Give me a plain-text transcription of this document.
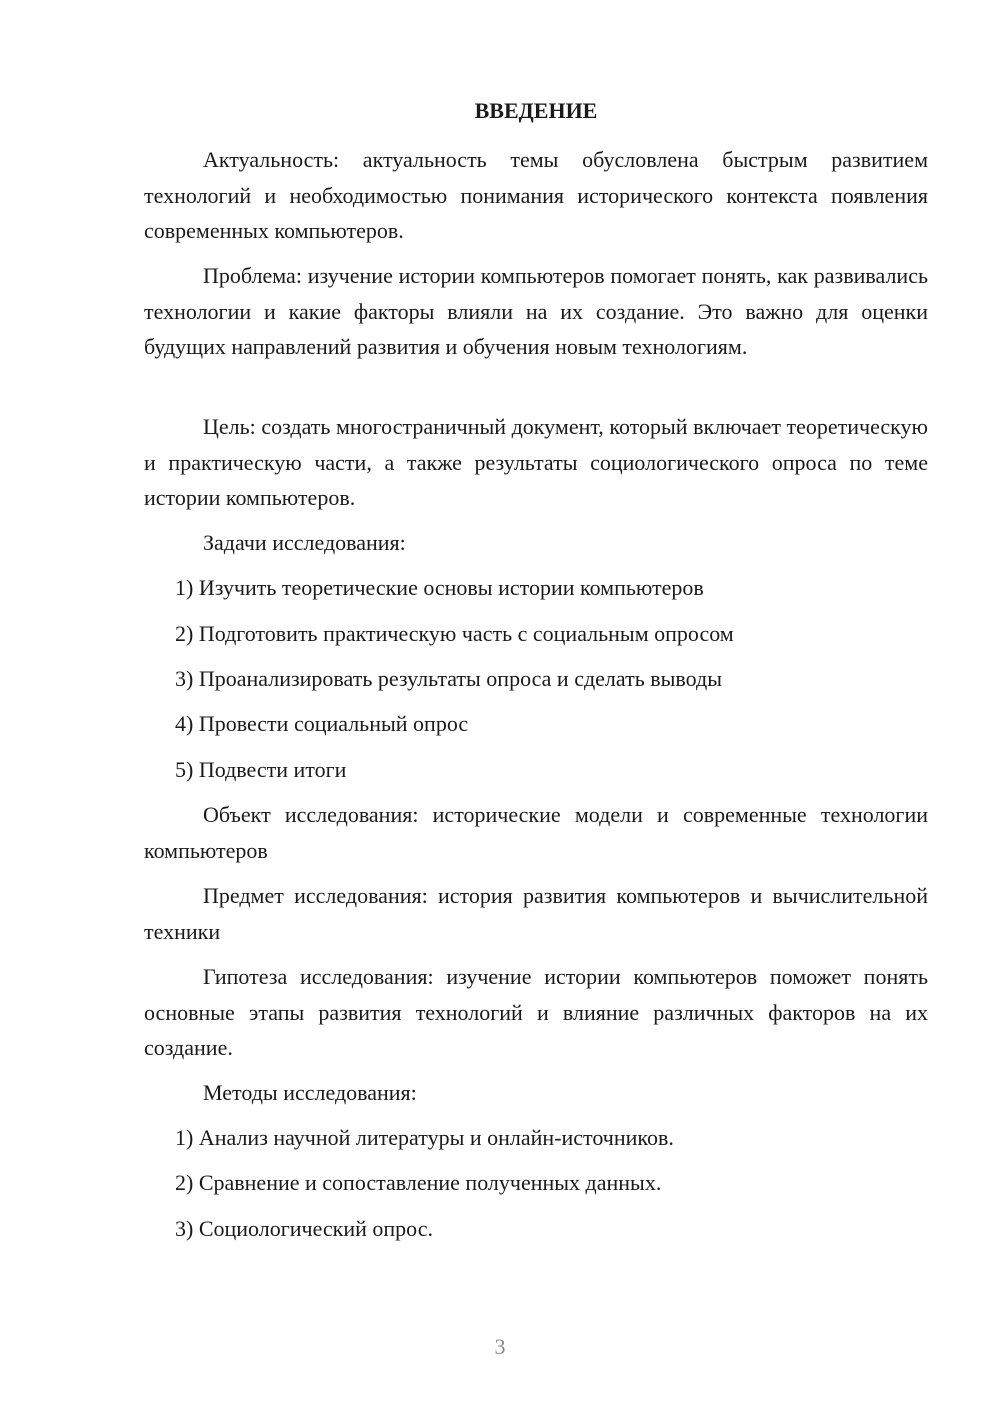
ВВЕДЕНИЕ

Актуальность: актуальность темы обусловлена быстрым развитием технологий и необходимостью понимания исторического контекста появления современных компьютеров.

Проблема: изучение истории компьютеров помогает понять, как развивались технологии и какие факторы влияли на их создание. Это важно для оценки будущих направлений развития и обучения новым технологиям.

Цель: создать многостраничный документ, который включает теоретическую и практическую части, а также результаты социологического опроса по теме истории компьютеров.

Задачи исследования:

1) Изучить теоретические основы истории компьютеров

2) Подготовить практическую часть с социальным опросом

3) Проанализировать результаты опроса и сделать выводы

4) Провести социальный опрос

5) Подвести итоги

Объект исследования: исторические модели и современные технологии компьютеров

Предмет исследования: история развития компьютеров и вычислительной техники

Гипотеза исследования: изучение истории компьютеров поможет понять основные этапы развития технологий и влияние различных факторов на их создание.

Методы исследования:

1) Анализ научной литературы и онлайн-источников.

2) Сравнение и сопоставление полученных данных.

3) Социологический опрос.

3
